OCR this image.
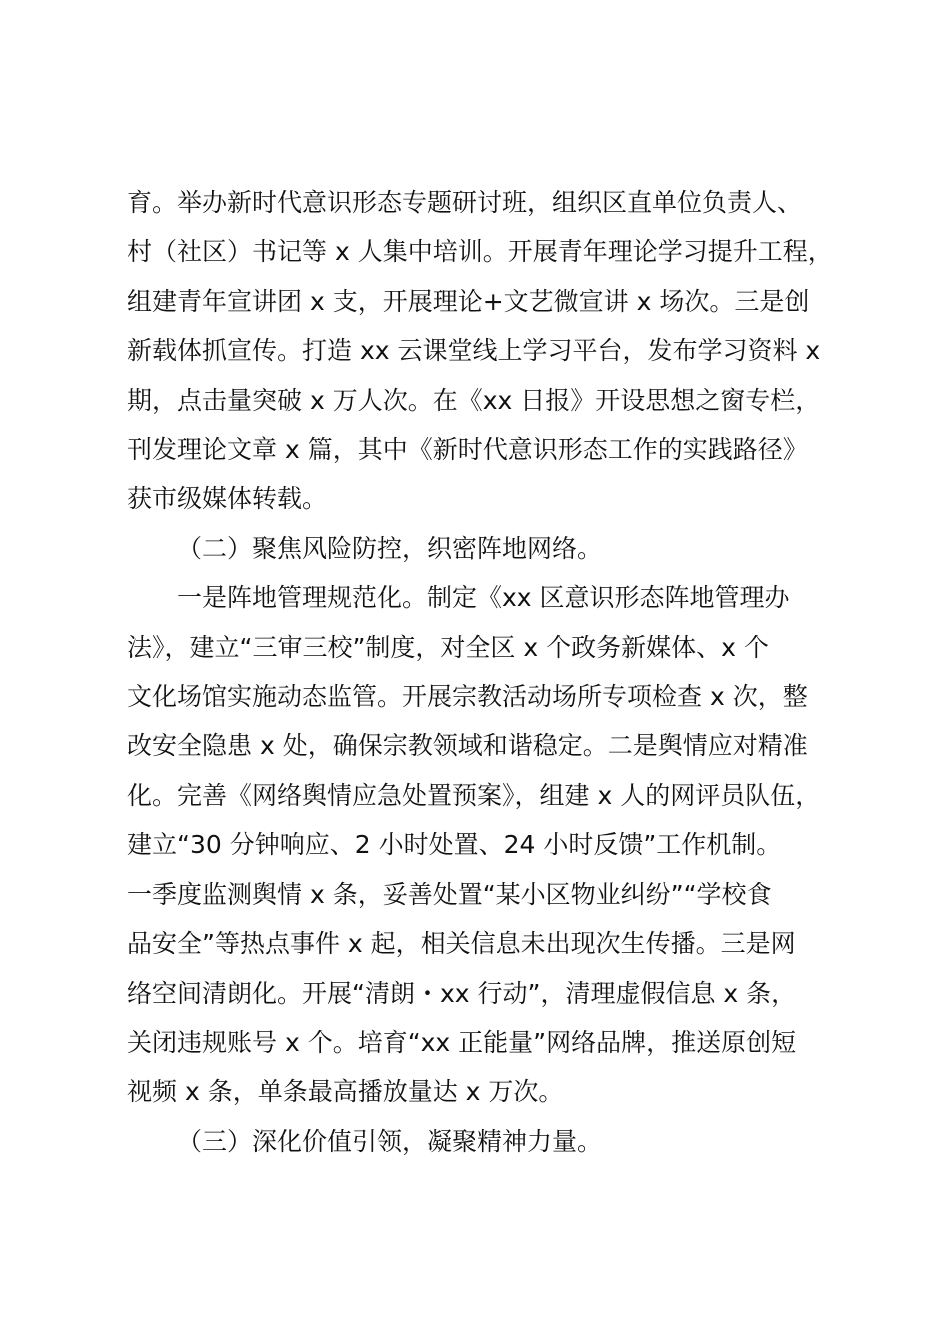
育。举办新时代意识形态专题研讨班，组织区直单位负责人、
村（社区）书记等 x 人集中培训。开展青年理论学习提升工程，
组建青年宣讲团 x 支，开展理论+文艺微宣讲 x 场次。三是创
新载体抓宣传。打造 xx 云课堂线上学习平台，发布学习资料 x
期，点击量突破 x 万人次。在《xx 日报》开设思想之窗专栏，
刊发理论文章 x 篇，其中《新时代意识形态工作的实践路径》
获市级媒体转载。

（二）聚焦风险防控，织密阵地网络。

一是阵地管理规范化。制定《xx 区意识形态阵地管理办
法》，建立“三审三校”制度，对全区 x 个政务新媒体、x 个
文化场馆实施动态监管。开展宗教活动场所专项检查 x 次，整
改安全隐患 x 处，确保宗教领域和谐稳定。二是舆情应对精准
化。完善《网络舆情应急处置预案》，组建 x 人的网评员队伍，
建立“30 分钟响应、2 小时处置、24 小时反馈”工作机制。
一季度监测舆情 x 条，妥善处置“某小区物业纠纷”“学校食
品安全”等热点事件 x 起，相关信息未出现次生传播。三是网
络空间清朗化。开展“清朗・xx 行动”，清理虚假信息 x 条，
关闭违规账号 x 个。培育“xx 正能量”网络品牌，推送原创短
视频 x 条，单条最高播放量达 x 万次。

（三）深化价值引领，凝聚精神力量。
